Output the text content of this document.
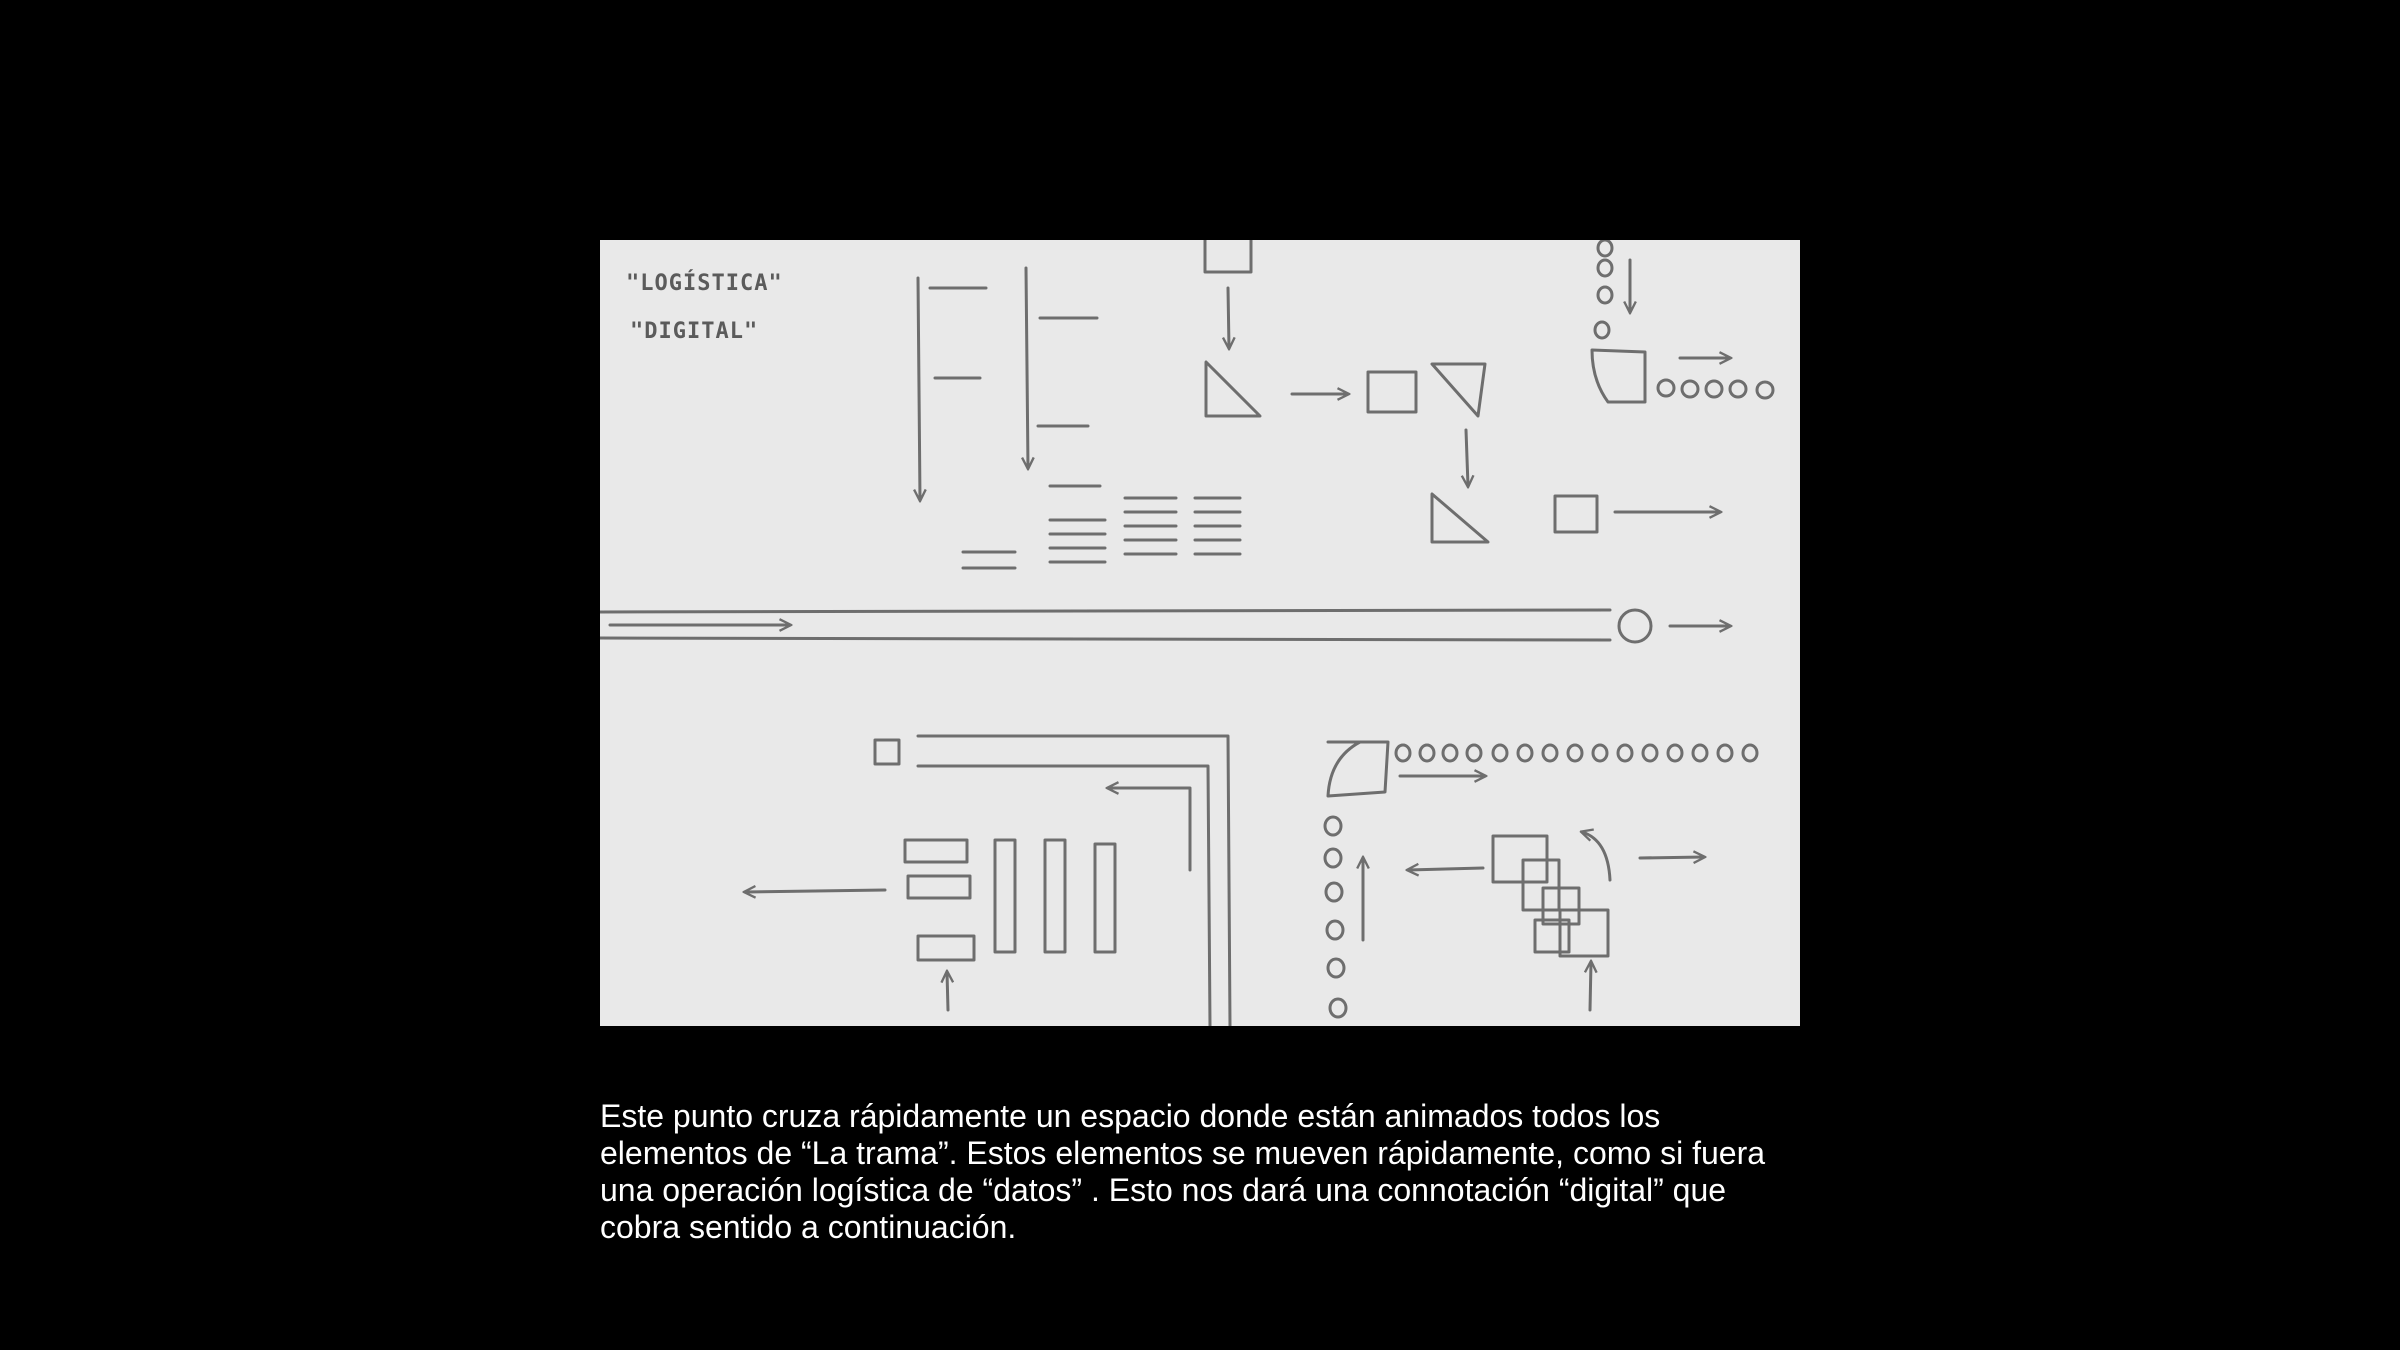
"LOGÍSTICA"
"DIGITAL"

Este punto cruza rápidamente un espacio donde están animados todos los elementos de “La trama”. Estos elementos se mueven rápidamente, como si fuera una operación logística de “datos” . Esto nos dará una connotación “digital” que cobra sentido a continuación.
